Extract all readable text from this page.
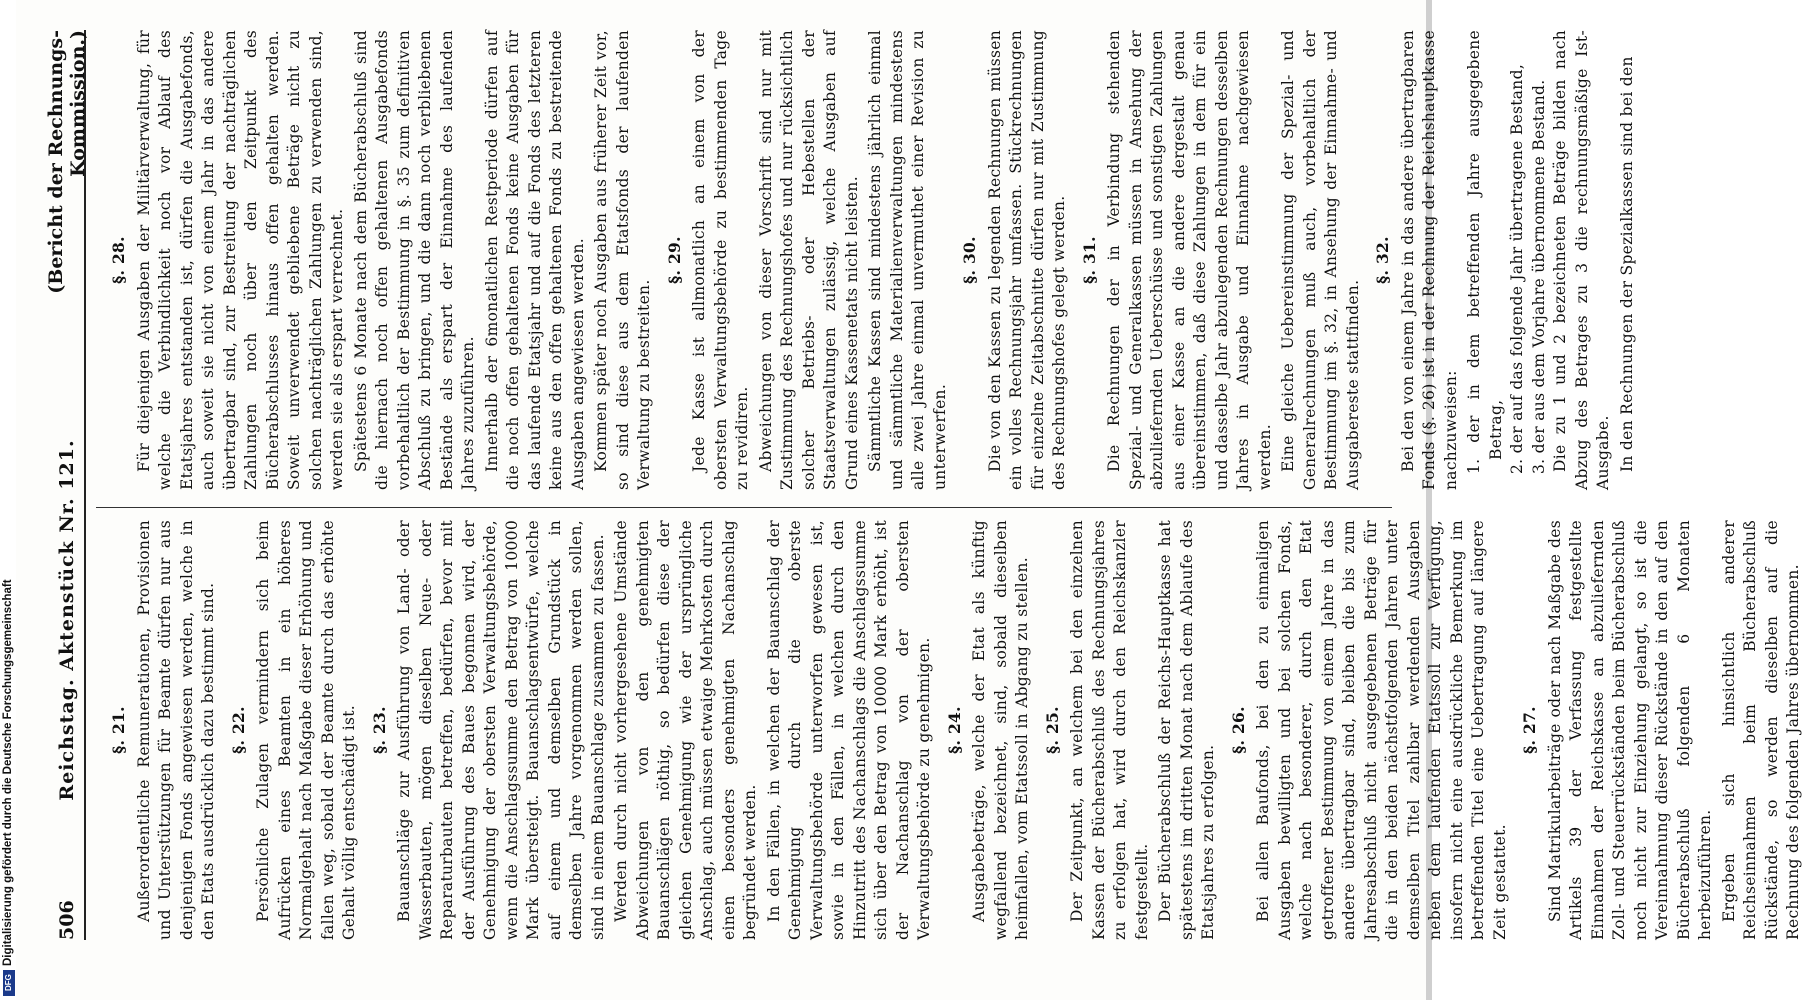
DFG
Digitalisierung gefördert durch die Deutsche Forschungsgemeinschaft 506
Reichstag. Aktenstück Nr. 121.
(Bericht der Rechnungs-Kommission.)

§. 21. Außerordentliche Remunerationen, Provisionen und Unterstützungen für Beamte dürfen nur aus denjenigen Fonds angewiesen werden, welche in den Etats ausdrücklich dazu bestimmt sind. §. 22. Persönliche Zulagen vermindern sich beim Aufrücken eines Beamten in ein höheres Normalgehalt nach Maßgabe dieser Erhöhung und fallen weg, sobald der Beamte durch das erhöhte Gehalt völlig entschädigt ist. §. 23. Bauanschläge zur Ausführung von Land- oder Wasserbauten, mögen dieselben Neue- oder Reparaturbauten betreffen, bedürfen, bevor mit der Ausführung des Baues begonnen wird, der Genehmigung der obersten Verwaltungsbehörde, wenn die Anschlagssumme den Betrag von 10000 Mark übersteigt. Bauanschlagsentwürfe, welche auf einem und demselben Grundstück in demselben Jahre vorgenommen werden sollen, sind in einem Bauanschlage zusammen zu fassen. Werden durch nicht vorhergesehene Umstände Abweichungen von den genehmigten Bauanschlägen nöthig, so bedürfen diese der gleichen Genehmigung wie der ursprüngliche Anschlag, auch müssen etwaige Mehrkosten durch einen besonders genehmigten Nachanschlag begründet werden. In den Fällen, in welchen der Bauanschlag der Genehmigung durch die oberste Verwaltungsbehörde unterworfen gewesen ist, sowie in den Fällen, in welchen durch den Hinzutritt des Nachanschlags die Anschlagssumme sich über den Betrag von 10000 Mark erhöht, ist der Nachanschlag von der obersten Verwaltungsbehörde zu genehmigen. §. 24. Ausgabebeträge, welche der Etat als künftig wegfallend bezeichnet, sind, sobald dieselben heimfallen, vom Etatssoll in Abgang zu stellen. §. 25. Der Zeitpunkt, an welchem bei den einzelnen Kassen der Bücherabschluß des Rechnungsjahres zu erfolgen hat, wird durch den Reichskanzler festgestellt. Der Bücherabschluß der Reichs-Hauptkasse hat spätestens im dritten Monat nach dem Ablaufe des Etatsjahres zu erfolgen.

§. 26. Bei allen Baufonds, bei den zu einmaligen Ausgaben bewilligten und bei solchen Fonds, welche nach besonderer, durch den Etat getroffener Bestimmung von einem Jahre in das andere übertragbar sind, bleiben die bis zum Jahresabschluß nicht ausgegebenen Beträge für die in den beiden nächstfolgenden Jahren unter demselben Titel zahlbar werdenden Ausgaben neben dem laufenden Etatssoll zur Verfügung, insofern nicht eine ausdrückliche Bemerkung im betreffenden Titel eine Uebertragung auf längere Zeit gestattet.

§. 27. Sind Matrikularbeiträge oder nach Maßgabe des Artikels 39 der Verfassung festgestellte Einnahmen der Reichskasse an abzuliefernden Zoll- und Steuerrückständen beim Bücherabschluß noch nicht zur Einziehung gelangt, so ist die Vereinnahmung dieser Rückstände in den auf den Bücherabschluß folgenden 6 Monaten herbeizuführen. Ergeben sich hinsichtlich anderer Reichseinnahmen beim Bücherabschluß Rückstände, so werden dieselben auf die Rechnung des folgenden Jahres übernommen.

§. 28. Für diejenigen Ausgaben der Militärverwaltung, für welche die Verbindlichkeit noch vor Ablauf des Etatsjahres entstanden ist, dürfen die Ausgabefonds, auch soweit sie nicht von einem Jahr in das andere übertragbar sind, zur Bestreitung der nachträglichen Zahlungen noch über den Zeitpunkt des Bücherabschlusses hinaus offen gehalten werden. Soweit unverwendet gebliebene Beträge nicht zu solchen nachträglichen Zahlungen zu verwenden sind, werden sie als erspart verrechnet. Spätestens 6 Monate nach dem Bücherabschluß sind die hiernach noch offen gehaltenen Ausgabefonds vorbehaltlich der Bestimmung in §. 35 zum definitiven Abschluß zu bringen, und die dann noch verbliebenen Bestände als erspart der Einnahme des laufenden Jahres zuzuführen. Innerhalb der 6monatlichen Restperiode dürfen auf die noch offen gehaltenen Fonds keine Ausgaben für das laufende Etatsjahr und auf die Fonds des letzteren keine aus den offen gehaltenen Fonds zu bestreitende Ausgaben angewiesen werden. Kommen später noch Ausgaben aus früherer Zeit vor, so sind diese aus dem Etatsfonds der laufenden Verwaltung zu bestreiten.

§. 29. Jede Kasse ist allmonatlich an einem von der obersten Verwaltungsbehörde zu bestimmenden Tage zu revidiren. Abweichungen von dieser Vorschrift sind nur mit Zustimmung des Rechnungshofes und nur rücksichtlich solcher Betriebs- oder Hebestellen der Staatsverwaltungen zulässig, welche Ausgaben auf Grund eines Kassenetats nicht leisten. Sämmtliche Kassen sind mindestens jährlich einmal und sämmtliche Materialienverwaltungen mindestens alle zwei Jahre einmal unvermuthet einer Revision zu unterwerfen.

§. 30. Die von den Kassen zu legenden Rechnungen müssen ein volles Rechnungsjahr umfassen. Stückrechnungen für einzelne Zeitabschnitte dürfen nur mit Zustimmung des Rechnungshofes gelegt werden. §. 31. Die Rechnungen der in Verbindung stehenden Spezial- und Generalkassen müssen in Ansehung der abzuliefernden Ueberschüsse und sonstigen Zahlungen aus einer Kasse an die andere dergestalt genau übereinstimmen, daß diese Zahlungen in dem für ein und dasselbe Jahr abzulegenden Rechnungen desselben Jahres in Ausgabe und Einnahme nachgewiesen werden. Eine gleiche Uebereinstimmung der Spezial- und Generalrechnungen muß auch, vorbehaltlich der Bestimmung im §. 32, in Ansehung der Einnahme- und Ausgabereste stattfinden.

§. 32. Bei den von einem Jahre in das andere übertragbaren Fonds (§. 26) ist in der Rechnung der Reichshauptkasse nachzuweisen: 1. der in dem betreffenden Jahre ausgegebene Betrag, 2. der auf das folgende Jahr übertragene Bestand, 3. der aus dem Vorjahre übernommene Bestand. Die zu 1 und 2 bezeichneten Beträge bilden nach Abzug des Betrages zu 3 die rechnungsmäßige Ist-Ausgabe. In den Rechnungen der Spezialkassen sind bei den
